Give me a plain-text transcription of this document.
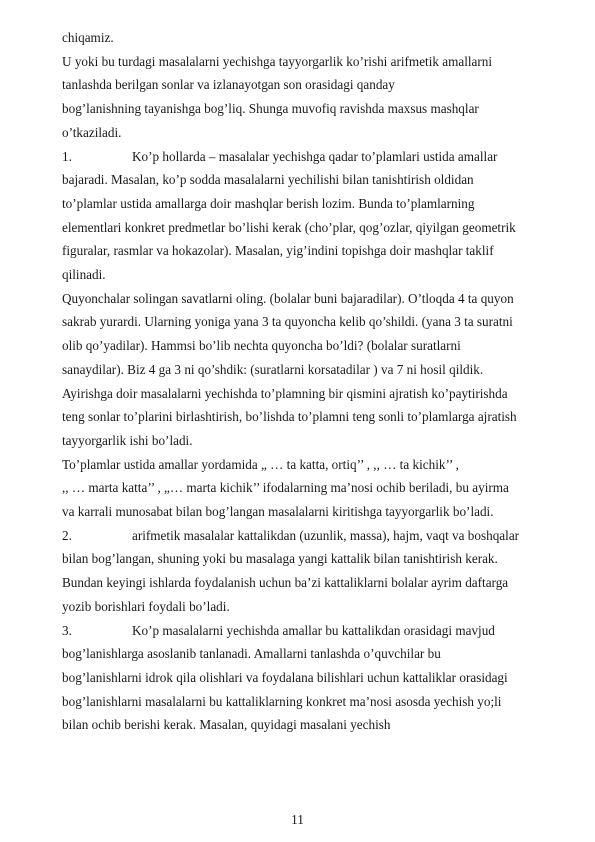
chiqamiz.
U yoki bu turdagi masalalarni yechishga tayyorgarlik ko’rishi arifmetik amallarni
tanlashda berilgan sonlar va izlanayotgan son orasidagi qanday
bog’lanishning tayanishga bog’liq. Shunga muvofiq ravishda maxsus mashqlar
o’tkaziladi.
1.	Ko’p hollarda – masalalar yechishga qadar to’plamlari ustida amallar
bajaradi. Masalan, ko’p sodda masalalarni yechilishi bilan tanishtirish oldidan
to’plamlar ustida amallarga doir mashqlar berish lozim. Bunda to’plamlarning
elementlari konkret predmetlar bo’lishi kerak (cho’plar, qog’ozlar, qiyilgan geometrik
figuralar, rasmlar va hokazolar). Masalan, yig’indini topishga doir mashqlar taklif
qilinadi.
Quyonchalar solingan savatlarni oling. (bolalar buni bajaradilar). O’tloqda 4 ta quyon
sakrab yurardi. Ularning yoniga yana 3 ta quyoncha kelib qo’shildi. (yana 3 ta suratni
olib qo’yadilar). Hammsi bo’lib nechta quyoncha bo’ldi? (bolalar suratlarni
sanaydilar). Biz 4 ga 3 ni qo’shdik: (suratlarni korsatadilar ) va 7 ni hosil qildik.
Ayirishga doir masalalarni yechishda to’plamning bir qismini ajratish ko’paytirishda
teng sonlar to’plarini birlashtirish, bo’lishda to’plamni teng sonli to’plamlarga ajratish
tayyorgarlik ishi bo’ladi.
To’plamlar ustida amallar yordamida „ … ta katta, ortiq’’ , ,, … ta kichik’’ ,
,, … marta katta’’ , „… marta kichik’’ ifodalarning ma’nosi ochib beriladi, bu ayirma
va karrali munosabat bilan bog’langan masalalarni kiritishga tayyorgarlik bo’ladi.
2.	arifmetik masalalar kattalikdan (uzunlik, massa), hajm, vaqt va boshqalar
bilan bog’langan, shuning yoki bu masalaga yangi kattalik bilan tanishtirish kerak.
Bundan keyingi ishlarda foydalanish uchun ba’zi kattaliklarni bolalar ayrim daftarga
yozib borishlari foydali bo’ladi.
3.	Ko’p masalalarni yechishda amallar bu kattalikdan orasidagi mavjud
bog’lanishlarga asoslanib tanlanadi. Amallarni tanlashda o’quvchilar bu
bog’lanishlarni idrok qila olishlari va foydalana bilishlari uchun kattaliklar orasidagi
bog’lanishlarni masalalarni bu kattaliklarning konkret ma’nosi asosda yechish yo;li
bilan ochib berishi kerak. Masalan, quyidagi masalani yechish
11
